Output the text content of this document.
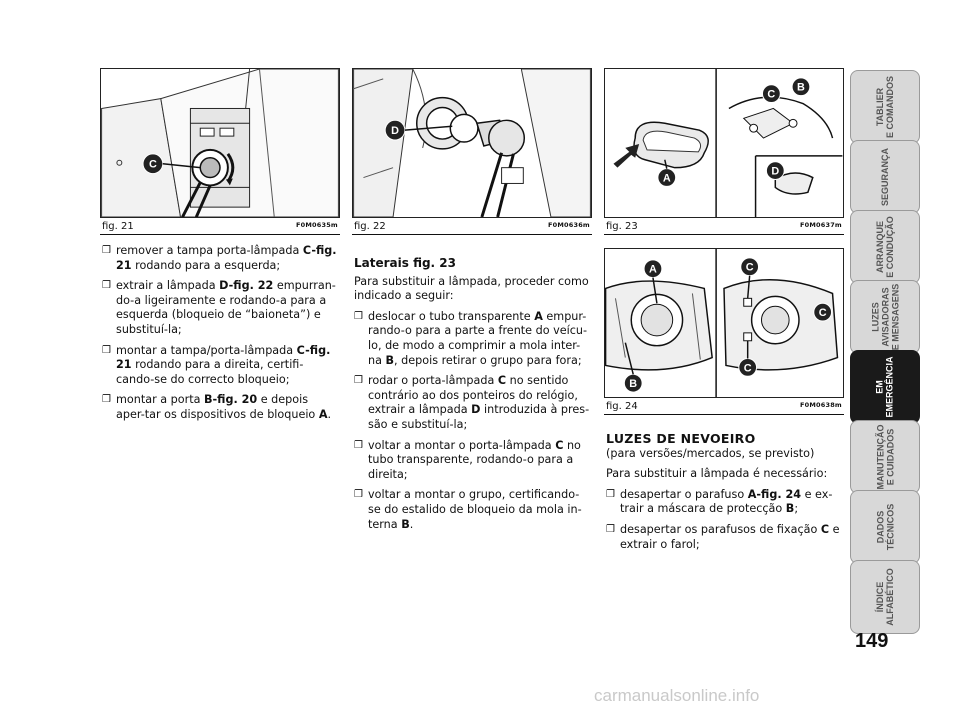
C
fig. 21	F0M0635m
D
fig. 22	F0M0636m
C
B
D
A
fig. 23	F0M0637m
A	C
C
C
B
fig. 24	F0M0638m
❒ remover a tampa porta-lâmpada C-fig. 21 rodando para a esquerda;
❒ extrair a lâmpada D-fig. 22 empurran-do-a ligeiramente e rodando-a para a esquerda (bloqueio de “baioneta”) e substituí-la;
❒ montar a tampa/porta-lâmpada C-fig. 21 rodando para a direita, certifi-cando-se do correcto bloqueio;
❒ montar a porta B-fig. 20 e depois aper-tar os dispositivos de bloqueio A.
Laterais fig. 23

Para substituir a lâmpada, proceder como indicado a seguir:

❒ deslocar o tubo transparente A empur-rando-o para a parte a frente do veícu-lo, de modo a comprimir a mola inter-na B, depois retirar o grupo para fora;
❒ rodar o porta-lâmpada C no sentido contrário ao dos ponteiros do relógio, extrair a lâmpada D introduzida à pres-são e substituí-la;
❒ voltar a montar o porta-lâmpada C no tubo transparente, rodando-o para a direita;
❒ voltar a montar o grupo, certificando-se do estalido de bloqueio da mola in-terna B.
LUZES DE NEVOEIRO

(para versões/mercados, se previsto)

Para substituir a lâmpada é necessário:

❒ desapertar o parafuso A-fig. 24 e ex-trair a máscara de protecção B;
❒ desapertar os parafusos de fixação C e extrair o farol;
TABLIER E COMANDOS
SEGURANÇA
ARRANQUE E CONDUÇÃO
LUZES AVISADORAS E MENSAGENS
EM EMERGÊNCIA
MANUTENÇÃO E CUIDADOS
DADOS TÉCNICOS
ÍNDICE ALFABÉTICO
149
carmanualsonline.info
